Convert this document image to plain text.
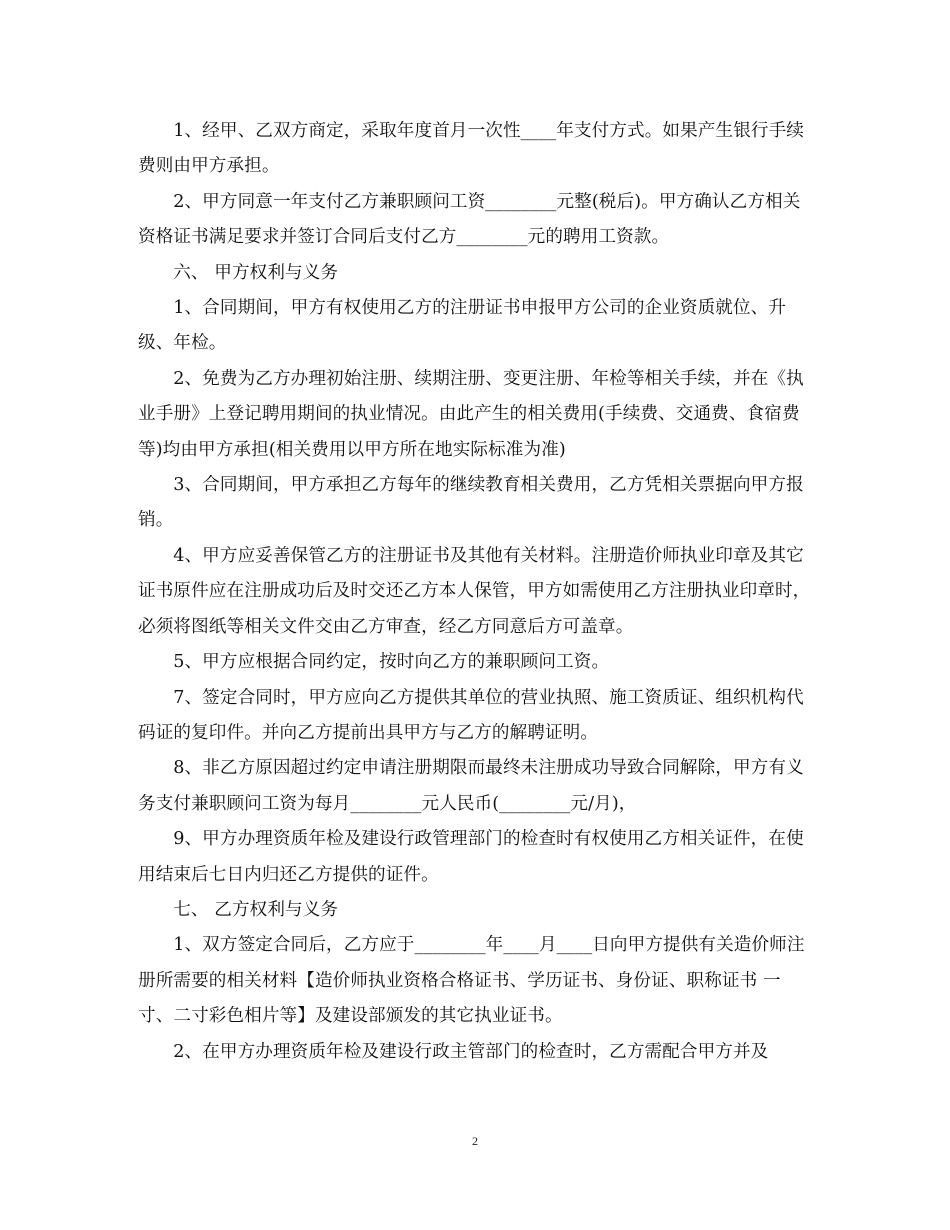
1、经甲、乙双方商定，采取年度首月一次性____年支付方式。如果产生银行手续费则由甲方承担。

2、甲方同意一年支付乙方兼职顾问工资________元整(税后)。甲方确认乙方相关资格证书满足要求并签订合同后支付乙方________元的聘用工资款。

六、 甲方权利与义务

1、合同期间，甲方有权使用乙方的注册证书申报甲方公司的企业资质就位、升级、年检。

2、免费为乙方办理初始注册、续期注册、变更注册、年检等相关手续，并在《执业手册》上登记聘用期间的执业情况。由此产生的相关费用(手续费、交通费、食宿费等)均由甲方承担(相关费用以甲方所在地实际标准为准)

3、合同期间，甲方承担乙方每年的继续教育相关费用，乙方凭相关票据向甲方报销。

4、甲方应妥善保管乙方的注册证书及其他有关材料。注册造价师执业印章及其它证书原件应在注册成功后及时交还乙方本人保管，甲方如需使用乙方注册执业印章时，必须将图纸等相关文件交由乙方审查，经乙方同意后方可盖章。

5、甲方应根据合同约定，按时向乙方的兼职顾问工资。

7、签定合同时，甲方应向乙方提供其单位的营业执照、施工资质证、组织机构代码证的复印件。并向乙方提前出具甲方与乙方的解聘证明。

8、非乙方原因超过约定申请注册期限而最终未注册成功导致合同解除，甲方有义务支付兼职顾问工资为每月________元人民币(________元/月)，

9、甲方办理资质年检及建设行政管理部门的检查时有权使用乙方相关证件，在使用结束后七日内归还乙方提供的证件。

七、 乙方权利与义务

1、双方签定合同后，乙方应于________年____月____日向甲方提供有关造价师注册所需要的相关材料【造价师执业资格合格证书、学历证书、身份证、职称证书 一寸、二寸彩色相片等】及建设部颁发的其它执业证书。

2、在甲方办理资质年检及建设行政主管部门的检查时，乙方需配合甲方并及

2
